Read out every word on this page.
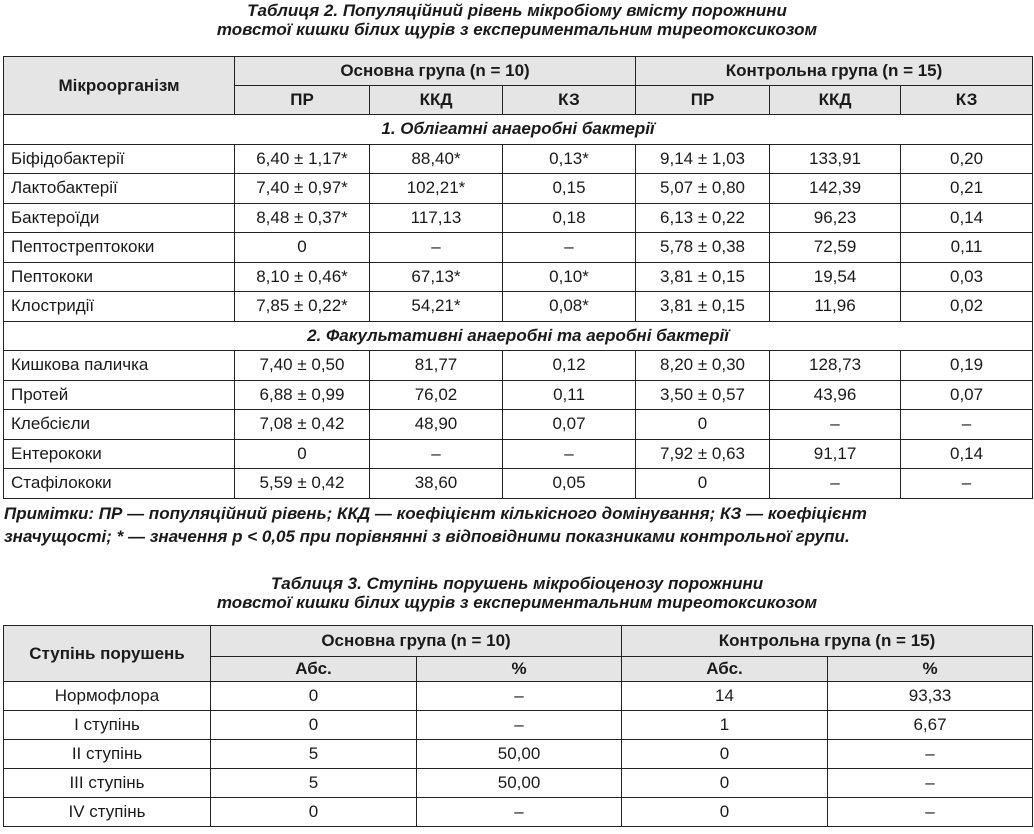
Таблиця 2. Популяційний рівень мікробіому вмісту порожнини
товстої кишки білих щурів з експериментальним тиреотоксикозом
Мікроорганізм	Основна група (n = 10)			Контрольна група (n = 15)		
	ПР	ККД	КЗ	ПР	ККД	КЗ
1. Облігатні анаеробні бактерії						
Біфідобактерії	6,40 ± 1,17*	88,40*	0,13*	9,14 ± 1,03	133,91	0,20
Лактобактерії	7,40 ± 0,97*	102,21*	0,15	5,07 ± 0,80	142,39	0,21
Бактероїди	8,48 ± 0,37*	117,13	0,18	6,13 ± 0,22	96,23	0,14
Пептострептококи	0	–	–	5,78 ± 0,38	72,59	0,11
Пептококи	8,10 ± 0,46*	67,13*	0,10*	3,81 ± 0,15	19,54	0,03
Клостридії	7,85 ± 0,22*	54,21*	0,08*	3,81 ± 0,15	11,96	0,02
2. Факультативні анаеробні та аеробні бактерії						
Кишкова паличка	7,40 ± 0,50	81,77	0,12	8,20 ± 0,30	128,73	0,19
Протей	6,88 ± 0,99	76,02	0,11	3,50 ± 0,57	43,96	0,07
Клебсієли	7,08 ± 0,42	48,90	0,07	0	–	–
Ентерококи	0	–	–	7,92 ± 0,63	91,17	0,14
Стафілококи	5,59 ± 0,42	38,60	0,05	0	–	–
Примітки: ПР — популяційний рівень; ККД — коефіцієнт кількісного домінування; КЗ — коефіцієнт
значущості; * — значення р < 0,05 при порівнянні з відповідними показниками контрольної групи.
Таблиця 3. Ступінь порушень мікробіоценозу порожнини
товстої кишки білих щурів з експериментальним тиреотоксикозом
Ступінь порушень	Основна група (n = 10)		Контрольна група (n = 15)	
	Абс.	%	Абс.	%
Нормофлора	0	–	14	93,33
I ступінь	0	–	1	6,67
II ступінь	5	50,00	0	–
III ступінь	5	50,00	0	–
IV ступінь	0	–	0	–
